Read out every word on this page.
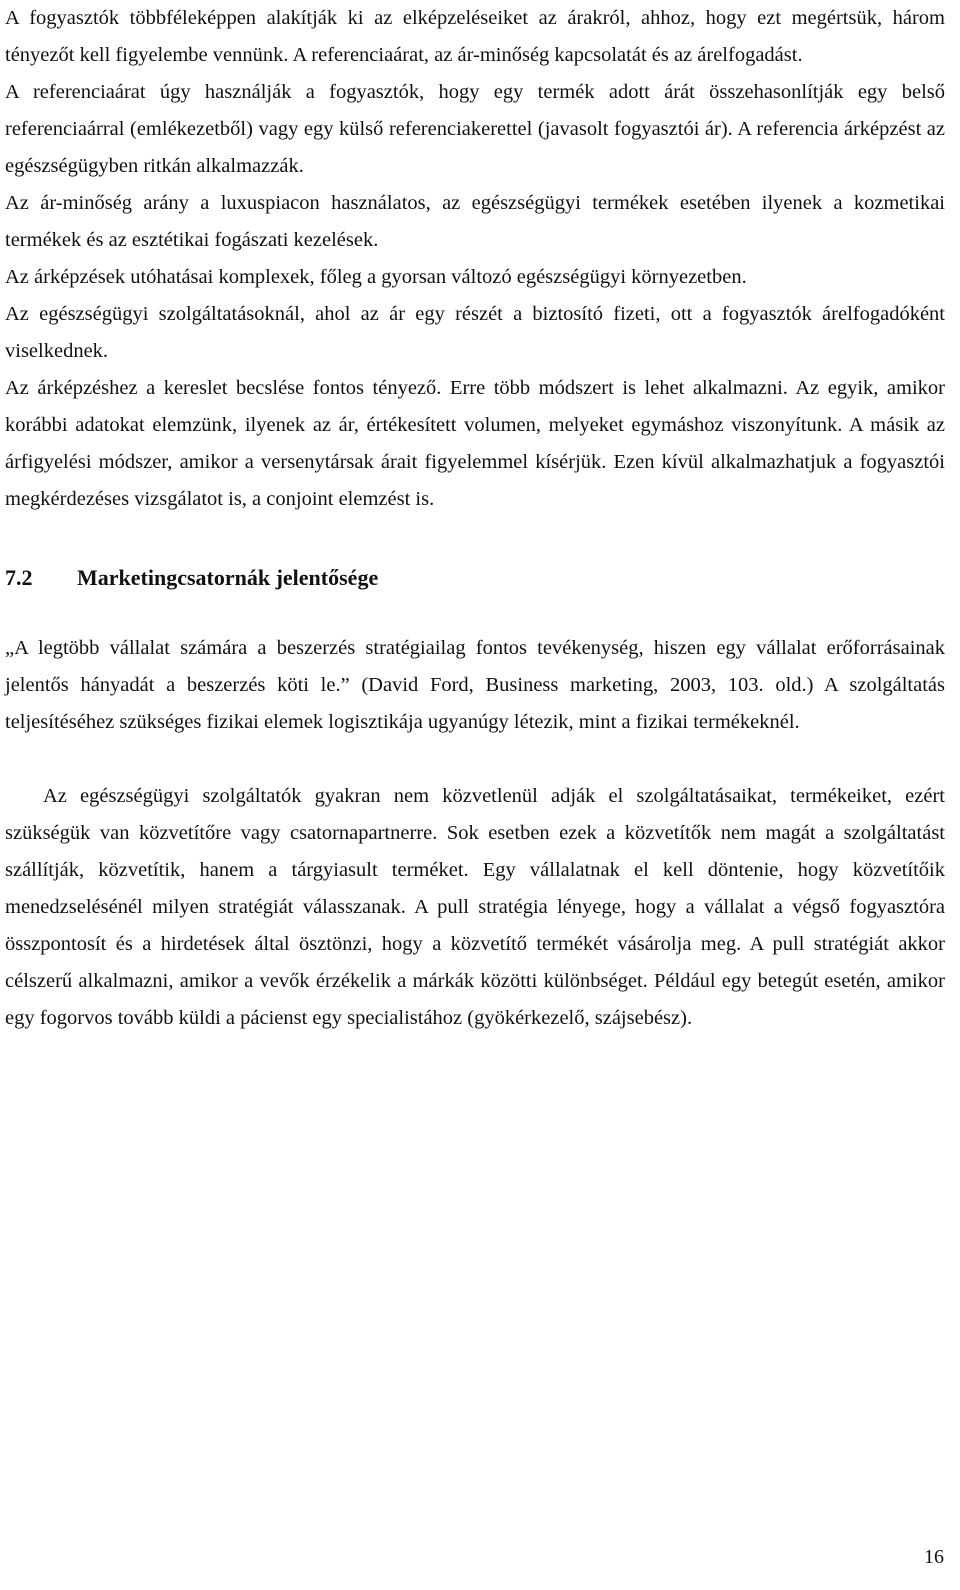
A fogyasztók többféleképpen alakítják ki az elképzeléseiket az árakról, ahhoz, hogy ezt megértsük, három tényezőt kell figyelembe vennünk. A referenciaárat, az ár-minőség kapcsolatát és az árelfogadást.

A referenciaárat úgy használják a fogyasztók, hogy egy termék adott árát összehasonlítják egy belső referenciaárral (emlékezetből) vagy egy külső referenciakerettel (javasolt fogyasztói ár). A referencia árképzést az egészségügyben ritkán alkalmazzák.

Az ár-minőség arány a luxuspiacon használatos, az egészségügyi termékek esetében ilyenek a kozmetikai termékek és az esztétikai fogászati kezelések.

Az árképzések utóhatásai komplexek, főleg a gyorsan változó egészségügyi környezetben.

Az egészségügyi szolgáltatásoknál, ahol az ár egy részét a biztosító fizeti, ott a fogyasztók árelfogadóként viselkednek.

Az árképzéshez a kereslet becslése fontos tényező. Erre több módszert is lehet alkalmazni. Az egyik, amikor korábbi adatokat elemzünk, ilyenek az ár, értékesített volumen, melyeket egymáshoz viszonyítunk. A másik az árfigyelési módszer, amikor a versenytársak árait figyelemmel kísérjük. Ezen kívül alkalmazhatjuk a fogyasztói megkérdezéses vizsgálatot is, a conjoint elemzést is.

7.2	Marketingcsatornák jelentősége

„A legtöbb vállalat számára a beszerzés stratégiailag fontos tevékenység, hiszen egy vállalat erőforrásainak jelentős hányadát a beszerzés köti le.” (David Ford, Business marketing, 2003, 103. old.) A szolgáltatás teljesítéséhez szükséges fizikai elemek logisztikája ugyanúgy létezik, mint a fizikai termékeknél.

Az egészségügyi szolgáltatók gyakran nem közvetlenül adják el szolgáltatásaikat, termékeiket, ezért szükségük van közvetítőre vagy csatornapartnerre. Sok esetben ezek a közvetítők nem magát a szolgáltatást szállítják, közvetítik, hanem a tárgyiasult terméket. Egy vállalatnak el kell döntenie, hogy közvetítőik menedzselésénél milyen stratégiát válasszanak. A pull stratégia lényege, hogy a vállalat a végső fogyasztóra összpontosít és a hirdetések által ösztönzi, hogy a közvetítő termékét vásárolja meg. A pull stratégiát akkor célszerű alkalmazni, amikor a vevők érzékelik a márkák közötti különbséget. Például egy betegút esetén, amikor egy fogorvos tovább küldi a pácienst egy specialistához (gyökérkezelő, szájsebész).

16
